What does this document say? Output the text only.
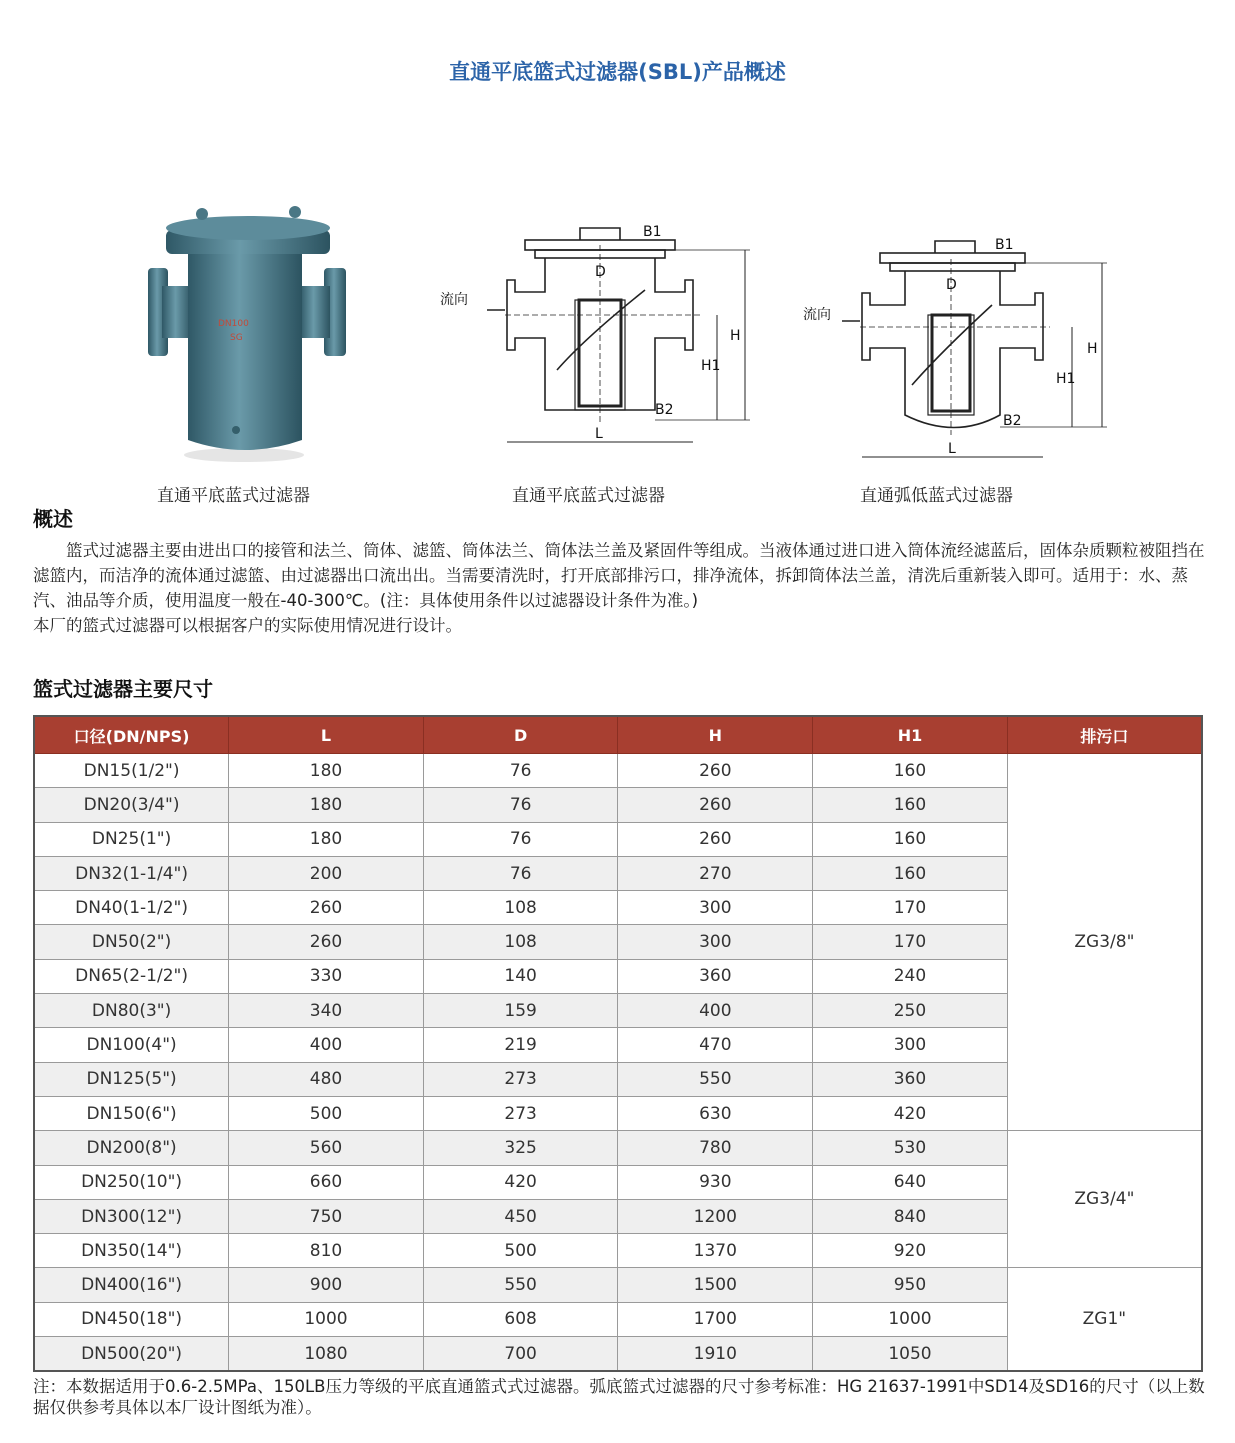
直通平底篮式过滤器(SBL)产品概述
DN100
SG
直通平底蓝式过滤器
流向
B1
D
B2
L
H
H1
直通平底蓝式过滤器
流向
B1
D
B2
L
H
H1
直通弧低蓝式过滤器
概述

篮式过滤器主要由进出口的接管和法兰、筒体、滤篮、筒体法兰、筒体法兰盖及紧固件等组成。当液体通过进口进入筒体流经滤蓝后，固体杂质颗粒被阻挡在滤篮内，而洁净的流体通过滤篮、由过滤器出口流出出。当需要清洗时，打开底部排污口，排净流体，拆卸筒体法兰盖，清洗后重新装入即可。适用于：水、蒸汽、油品等介质，使用温度一般在-40-300℃。(注：具体使用条件以过滤器设计条件为准。)

本厂的篮式过滤器可以根据客户的实际使用情况进行设计。

篮式过滤器主要尺寸
口径(DN/NPS)	L	D	H	H1	排污口
DN15(1/2")	180	76	260	160	ZG3/8"
DN20(3/4")	180	76	260	160	
DN25(1")	180	76	260	160	
DN32(1-1/4")	200	76	270	160	
DN40(1-1/2")	260	108	300	170	
DN50(2")	260	108	300	170	
DN65(2-1/2")	330	140	360	240	
DN80(3")	340	159	400	250	
DN100(4")	400	219	470	300	
DN125(5")	480	273	550	360	
DN150(6")	500	273	630	420	
DN200(8")	560	325	780	530	ZG3/4"
DN250(10")	660	420	930	640	
DN300(12")	750	450	1200	840	
DN350(14")	810	500	1370	920	
DN400(16")	900	550	1500	950	ZG1"
DN450(18")	1000	608	1700	1000	
DN500(20")	1080	700	1910	1050	

注：本数据适用于0.6-2.5MPa、150LB压力等级的平底直通篮式式过滤器。弧底篮式过滤器的尺寸参考标准：HG 21637-1991中SD14及SD16的尺寸（以上数据仅供参考具体以本厂设计图纸为准）。
